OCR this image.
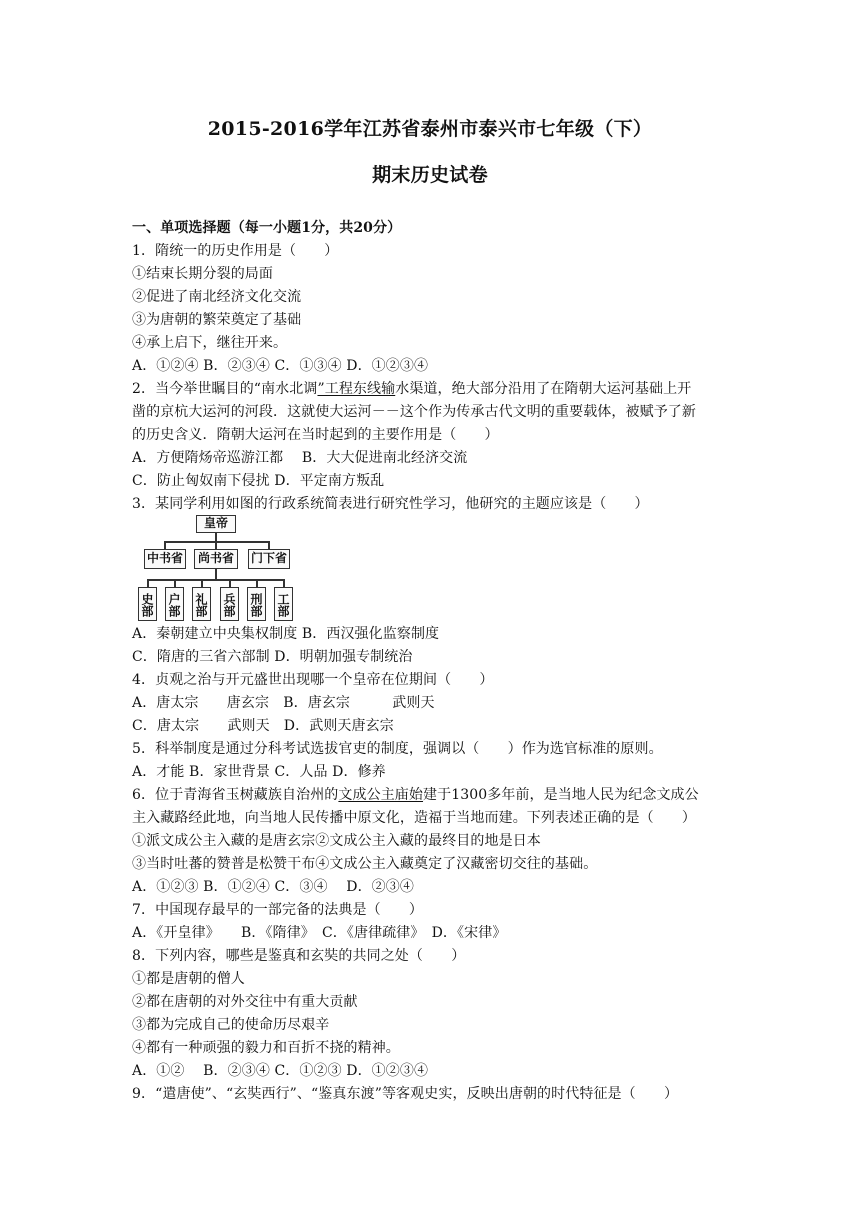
2015-2016学年江苏省泰州市泰兴市七年级（下）
期末历史试卷
一、单项选择题（每一小题1分，共20分）
1．隋统一的历史作用是（　　）
①结束长期分裂的局面
②促进了南北经济文化交流
③为唐朝的繁荣奠定了基础
④承上启下，继往开来。
A．①②④ B．②③④ C．①③④ D．①②③④
2．当今举世瞩目的“南水北调”工程东线输水渠道，绝大部分沿用了在隋朝大运河基础上开
凿的京杭大运河的河段．这就使大运河－－这个作为传承古代文明的重要载体，被赋予了新
的历史含义．隋朝大运河在当时起到的主要作用是（　　）
A．方便隋炀帝巡游江都　 B．大大促进南北经济交流
C．防止匈奴南下侵扰 D．平定南方叛乱
3．某同学利用如图的行政系统简表进行研究性学习，他研究的主题应该是（　　）
皇帝
中书省	尚书省	门下省
史部 户部 礼部 兵部 刑部 工部
A．秦朝建立中央集权制度 B．西汉强化监察制度
C．隋唐的三省六部制 D．明朝加强专制统治
4．贞观之治与开元盛世出现哪一个皇帝在位期间（　　）
A．唐太宗　　唐玄宗　B．唐玄宗　　　武则天
C．唐太宗　　武则天　D．武则天唐玄宗
5．科举制度是通过分科考试选拔官吏的制度，强调以（　　）作为选官标准的原则。
A．才能 B．家世背景 C．人品 D．修养
6．位于青海省玉树藏族自治州的文成公主庙始建于1300多年前，是当地人民为纪念文成公
主入藏路经此地，向当地人民传播中原文化，造福于当地而建。下列表述正确的是（　　）
①派文成公主入藏的是唐玄宗②文成公主入藏的最终目的地是日本
③当时吐蕃的赞普是松赞干布④文成公主入藏奠定了汉藏密切交往的基础。
A．①②③ B．①②④ C．③④　 D．②③④
7．中国现存最早的一部完备的法典是（　　）
A．《开皇律》　　B．《隋律》　C．《唐律疏律》　D．《宋律》
8．下列内容，哪些是鉴真和玄奘的共同之处（　　）
①都是唐朝的僧人
②都在唐朝的对外交往中有重大贡献
③都为完成自己的使命历尽艰辛
④都有一种顽强的毅力和百折不挠的精神。
A．①②　 B．②③④ C．①②③ D．①②③④
9．“遣唐使”、“玄奘西行”、“鉴真东渡”等客观史实，反映出唐朝的时代特征是（　　）
